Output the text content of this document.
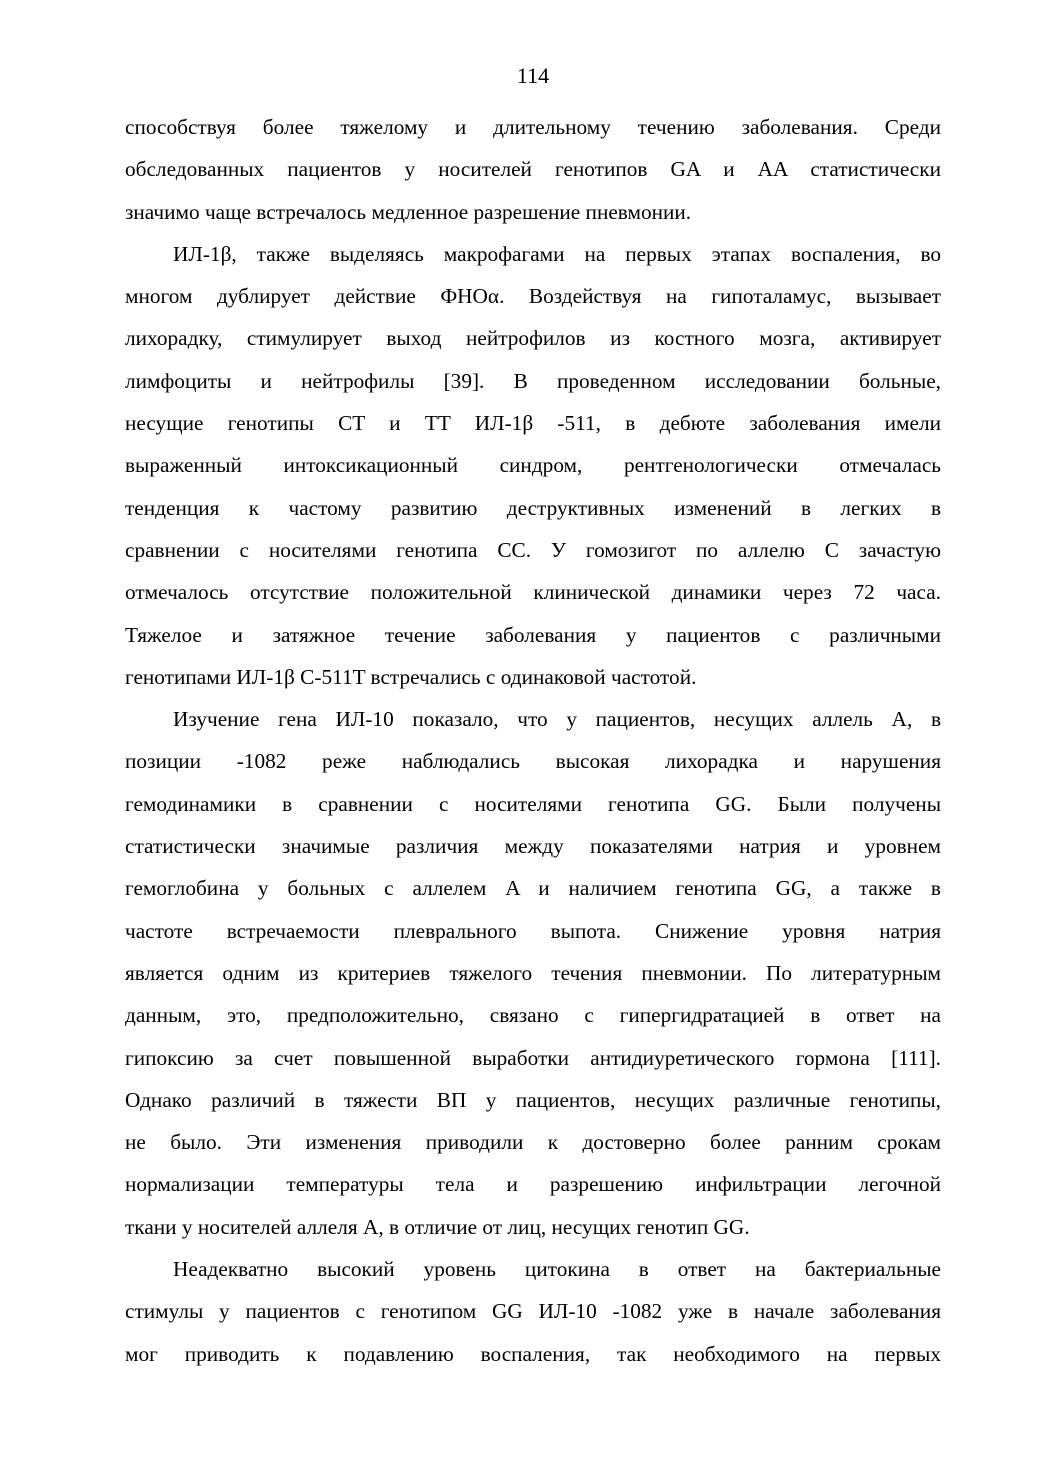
114
способствуя более тяжелому и длительному течению заболевания. Среди
обследованных пациентов у носителей генотипов GA и AA статистически
значимо чаще встречалось медленное разрешение пневмонии.
ИЛ-1β, также выделяясь макрофагами на первых этапах воспаления, во
многом дублирует действие ФНОα. Воздействуя на гипоталамус, вызывает
лихорадку, стимулирует выход нейтрофилов из костного мозга, активирует
лимфоциты и нейтрофилы [39]. В проведенном исследовании больные,
несущие генотипы CT и TT ИЛ-1β -511, в дебюте заболевания имели
выраженный интоксикационный синдром, рентгенологически отмечалась
тенденция к частому развитию деструктивных изменений в легких в
сравнении с носителями генотипа CC. У гомозигот по аллелю C зачастую
отмечалось отсутствие положительной клинической динамики через 72 часа.
Тяжелое и затяжное течение заболевания у пациентов с различными
генотипами ИЛ-1β C-511T встречались с одинаковой частотой.
Изучение гена ИЛ-10 показало, что у пациентов, несущих аллель A, в
позиции -1082 реже наблюдались высокая лихорадка и нарушения
гемодинамики в сравнении с носителями генотипа GG. Были получены
статистически значимые различия между показателями натрия и уровнем
гемоглобина у больных с аллелем A и наличием генотипа GG, а также в
частоте встречаемости плеврального выпота. Снижение уровня натрия
является одним из критериев тяжелого течения пневмонии. По литературным
данным, это, предположительно, связано с гипергидратацией в ответ на
гипоксию за счет повышенной выработки антидиуретического гормона [111].
Однако различий в тяжести ВП у пациентов, несущих различные генотипы,
не было. Эти изменения приводили к достоверно более ранним срокам
нормализации температуры тела и разрешению инфильтрации легочной
ткани у носителей аллеля A, в отличие от лиц, несущих генотип GG.
Неадекватно высокий уровень цитокина в ответ на бактериальные
стимулы у пациентов с генотипом GG ИЛ-10 -1082 уже в начале заболевания
мог приводить к подавлению воспаления, так необходимого на первых
